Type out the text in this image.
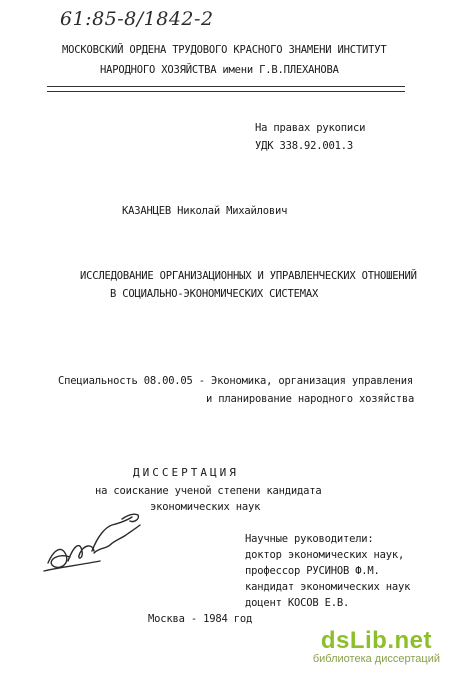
61:85-8/1842-2
МОСКОВСКИЙ ОРДЕНА ТРУДОВОГО КРАСНОГО ЗНАМЕНИ ИНСТИТУТ
НАРОДНОГО ХОЗЯЙСТВА имени Г.В.ПЛЕХАНОВА
На правах рукописи
УДК 338.92.001.3
КАЗАНЦЕВ Николай Михайлович
ИССЛЕДОВАНИЕ ОРГАНИЗАЦИОННЫХ И УПРАВЛЕНЧЕСКИХ ОТНОШЕНИЙ
В СОЦИАЛЬНО-ЭКОНОМИЧЕСКИХ СИСТЕМАХ
Специальность 08.00.05 - Экономика, организация управления
и планирование народного хозяйства
ДИССЕРТАЦИЯ
на соискание ученой степени кандидата
экономических наук
Научные руководители:
доктор экономических наук,
профессор РУСИНОВ Ф.М.
кандидат экономических наук
доцент КОСОВ Е.В.
Москва - 1984 год
dsLib.net
библиотека диссертаций
